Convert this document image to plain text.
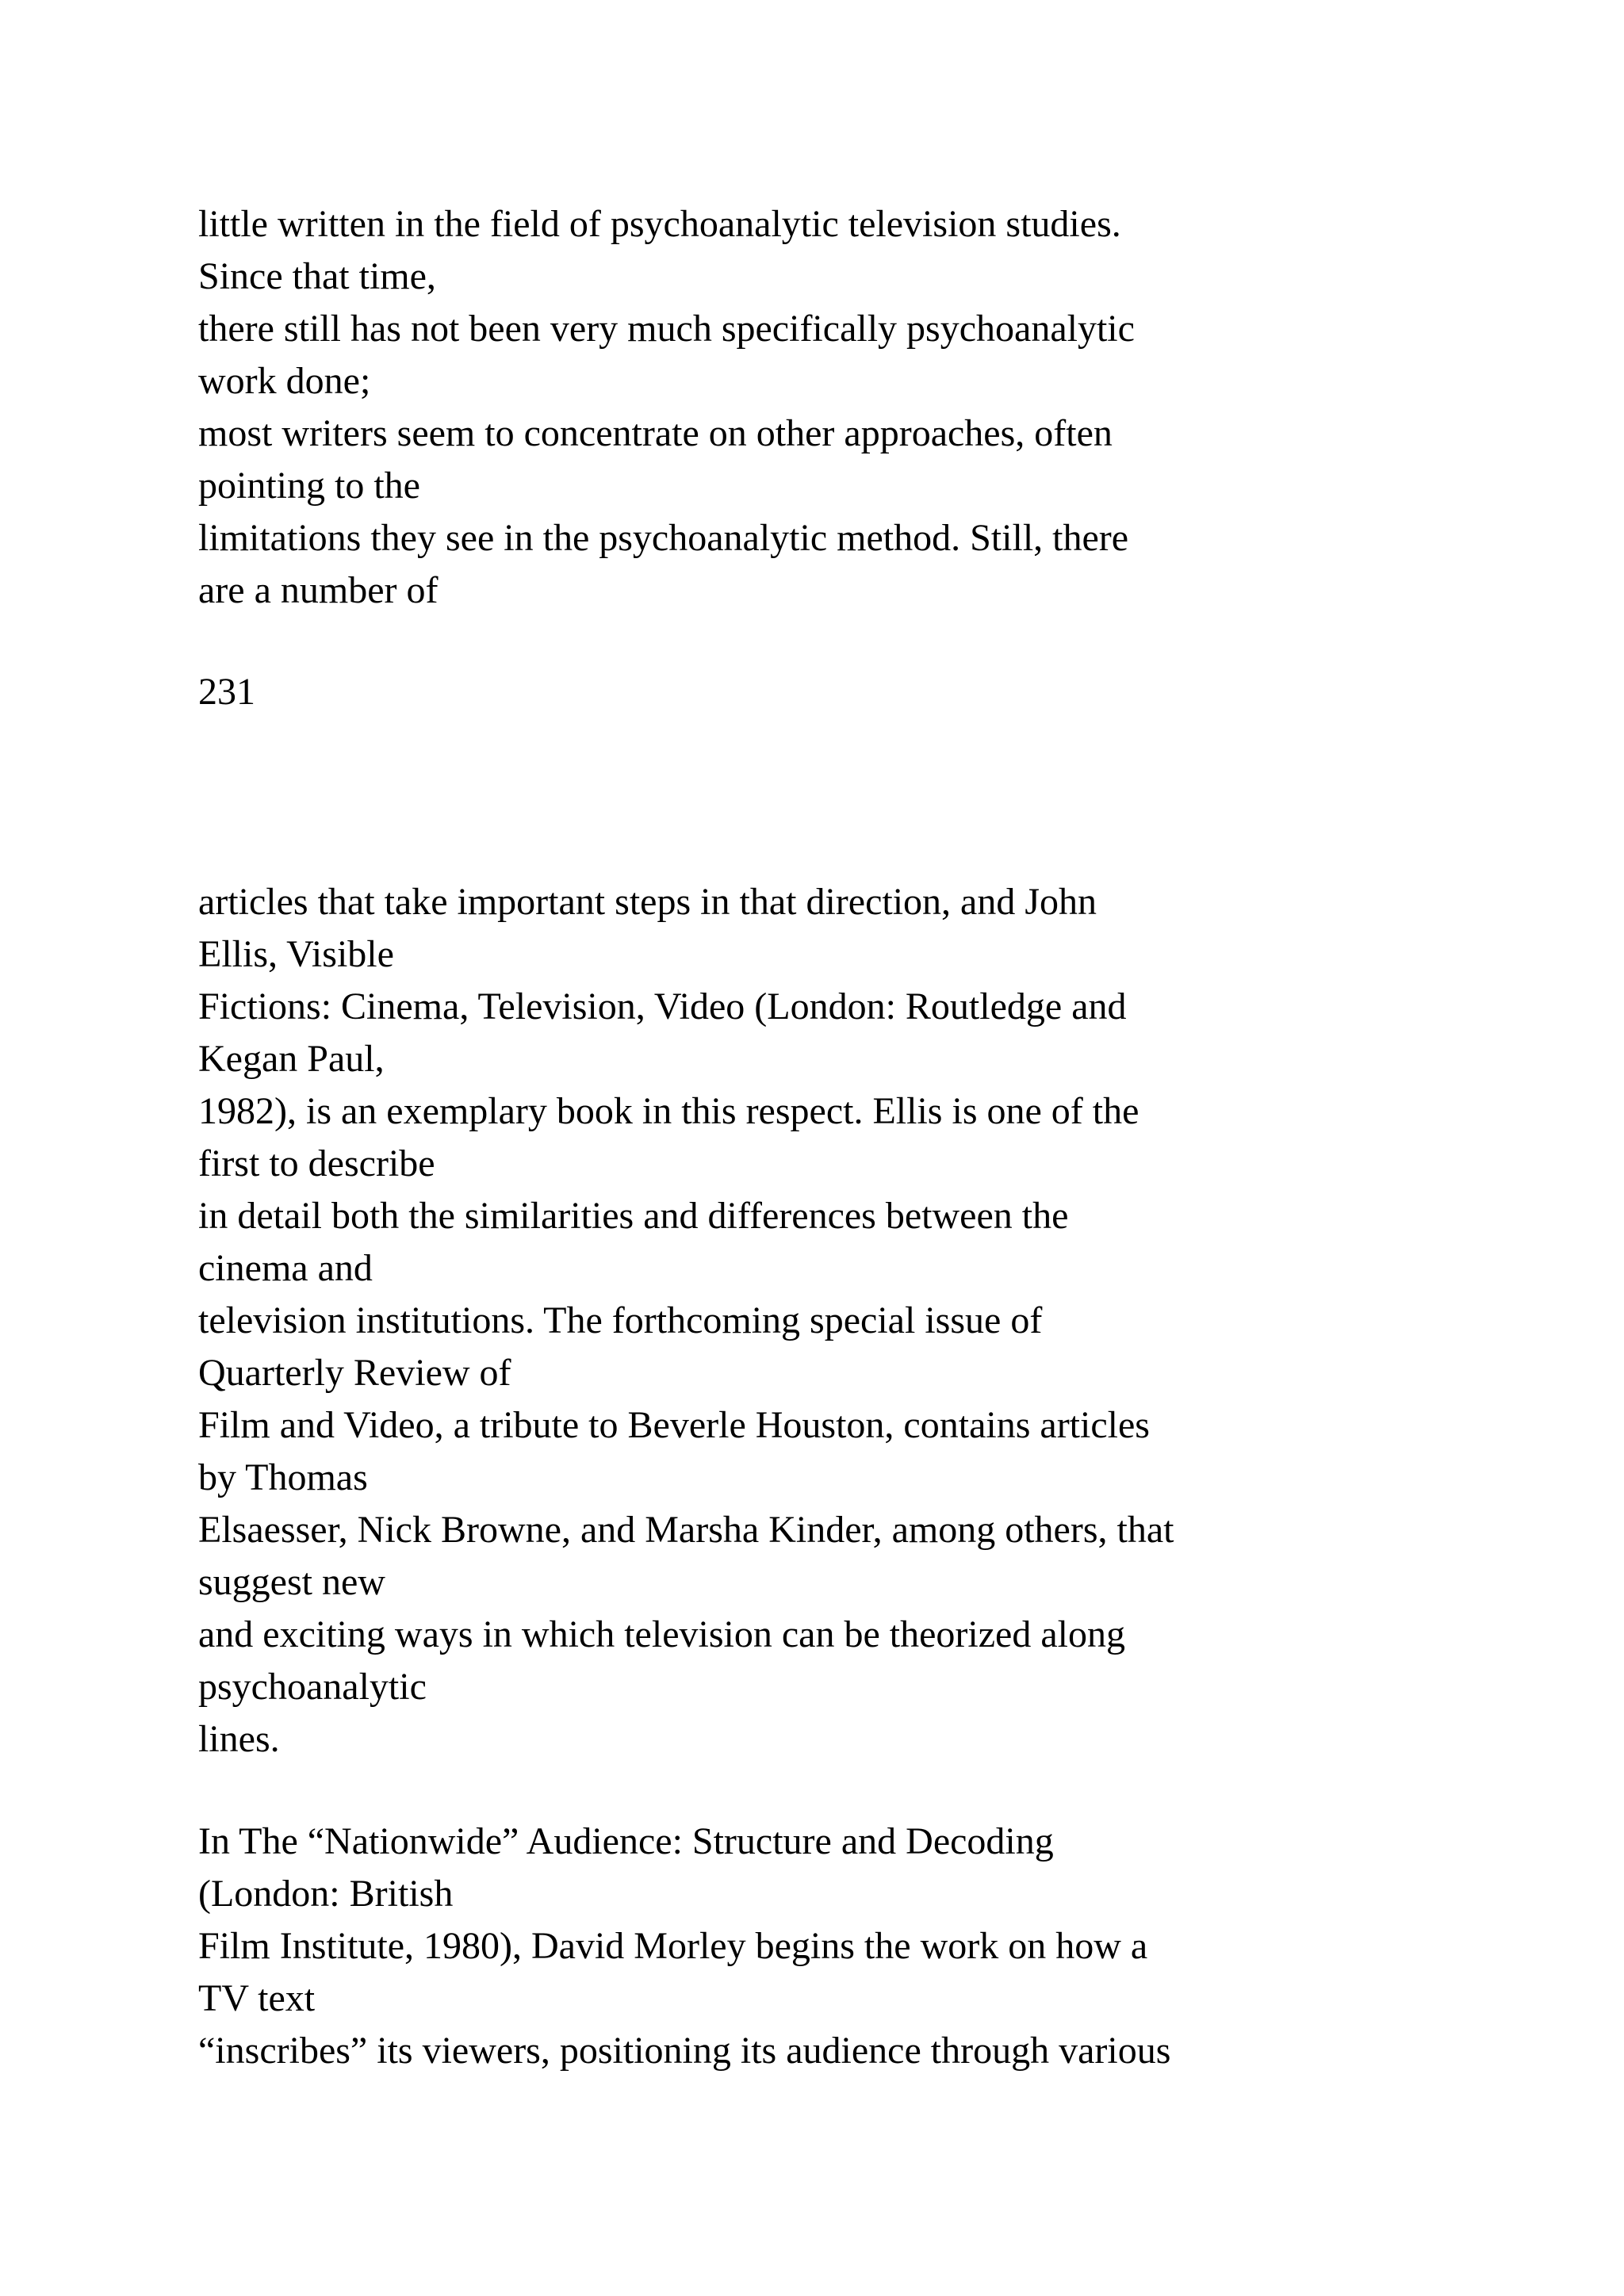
little written in the field of psychoanalytic television studies.
Since that time,
there still has not been very much specifically psychoanalytic
work done;
most writers seem to concentrate on other approaches, often
pointing to the
limitations they see in the psychoanalytic method. Still, there
are a number of
231
articles that take important steps in that direction, and John
Ellis, Visible
Fictions: Cinema, Television, Video (London: Routledge and
Kegan Paul,
1982), is an exemplary book in this respect. Ellis is one of the
first to describe
in detail both the similarities and differences between the
cinema and
television institutions. The forthcoming special issue of
Quarterly Review of
Film and Video, a tribute to Beverle Houston, contains articles
by Thomas
Elsaesser, Nick Browne, and Marsha Kinder, among others, that
suggest new
and exciting ways in which television can be theorized along
psychoanalytic
lines.
In The “Nationwide” Audience: Structure and Decoding
(London: British
Film Institute, 1980), David Morley begins the work on how a
TV text
“inscribes” its viewers, positioning its audience through various
